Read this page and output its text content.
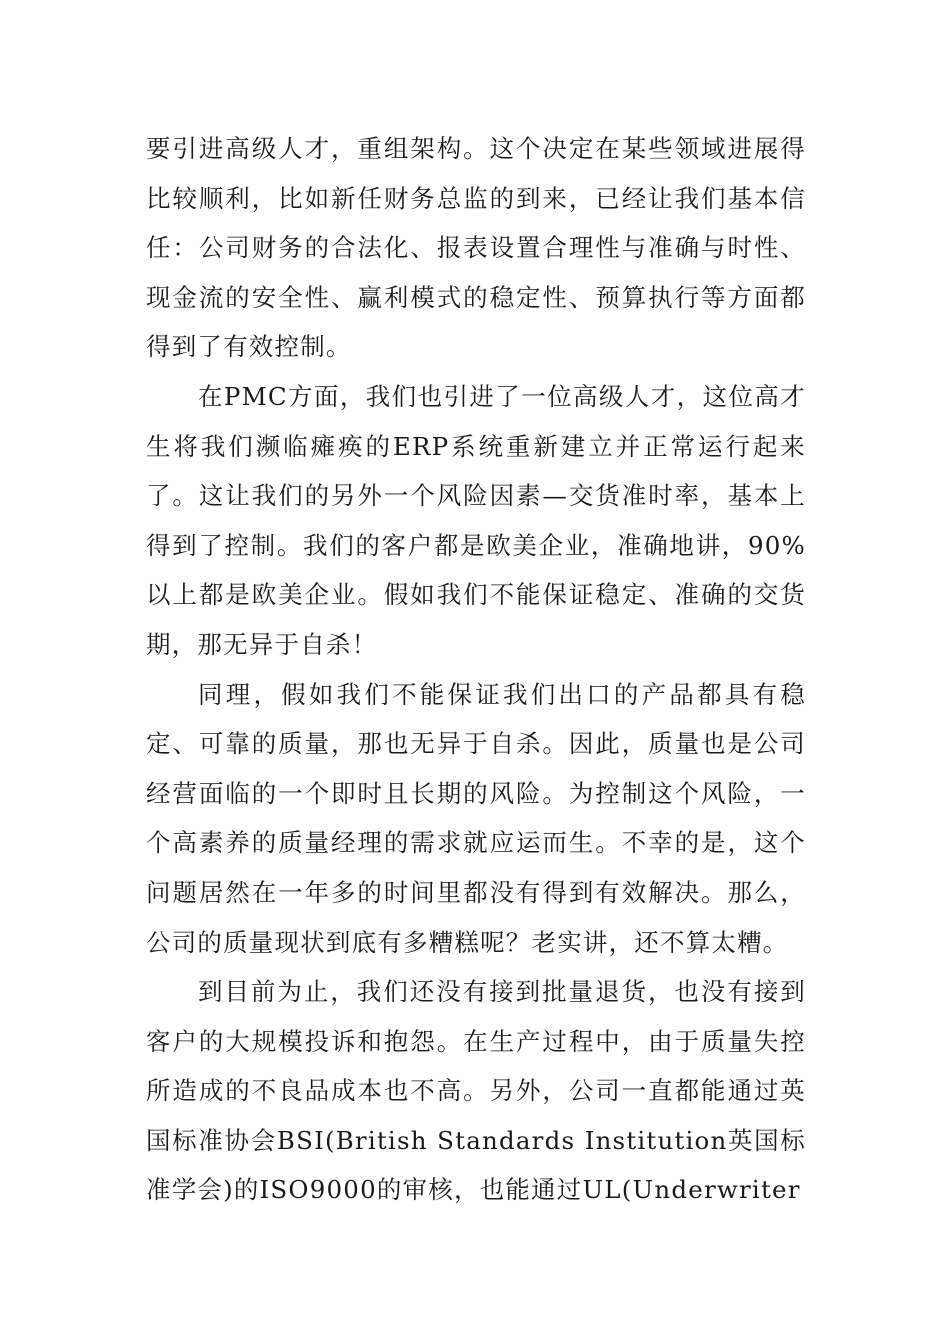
要引进高级人才，重组架构。这个决定在某些领域进展得比较顺利，比如新任财务总监的到来，已经让我们基本信任：公司财务的合法化、报表设置合理性与准确与时性、现金流的安全性、赢利模式的稳定性、预算执行等方面都得到了有效控制。

在PMC方面，我们也引进了一位高级人才，这位高才生将我们濒临瘫痪的ERP系统重新建立并正常运行起来了。这让我们的另外一个风险因素—交货准时率，基本上得到了控制。我们的客户都是欧美企业，准确地讲，90%以上都是欧美企业。假如我们不能保证稳定、准确的交货期，那无异于自杀！

同理，假如我们不能保证我们出口的产品都具有稳定、可靠的质量，那也无异于自杀。因此，质量也是公司经营面临的一个即时且长期的风险。为控制这个风险，一个高素养的质量经理的需求就应运而生。不幸的是，这个问题居然在一年多的时间里都没有得到有效解决。那么，公司的质量现状到底有多糟糕呢？老实讲，还不算太糟。

到目前为止，我们还没有接到批量退货，也没有接到客户的大规模投诉和抱怨。在生产过程中，由于质量失控所造成的不良品成本也不高。另外，公司一直都能通过英国标准协会BSI(British Standards Institution英国标准学会)的ISO9000的审核，也能通过UL(Underwriter
